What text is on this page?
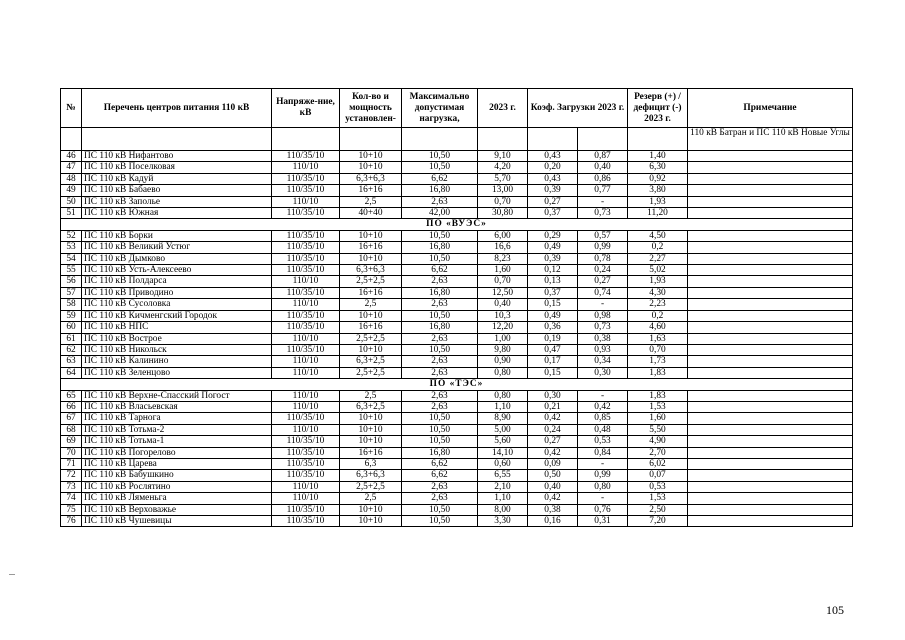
№	Перечень центров питания 110 кВ	Напряже-ние, кВ	Кол-во и мощность установлен-	Максимально допустимая нагрузка,	2023 г.	Коэф. Загрузки 2023 г.		Резерв (+) / дефицит (-) 2023 г.	Примечание
									110 кВ Батран и ПС 110 кВ Новые Углы
46	ПС 110 кВ Нифантово	110/35/10	10+10	10,50	9,10	0,43	0,87	1,40	
47	ПС 110 кВ Поселковая	110/10	10+10	10,50	4,20	0,20	0,40	6,30	
48	ПС 110 кВ Кадуй	110/35/10	6,3+6,3	6,62	5,70	0,43	0,86	0,92	
49	ПС 110 кВ Бабаево	110/35/10	16+16	16,80	13,00	0,39	0,77	3,80	
50	ПС 110 кВ Заполье	110/10	2,5	2,63	0,70	0,27	-	1,93	
51	ПС 110 кВ Южная	110/35/10	40+40	42,00	30,80	0,37	0,73	11,20	
ПО «ВУЭС»									
52	ПС 110 кВ Борки	110/35/10	10+10	10,50	6,00	0,29	0,57	4,50	
53	ПС 110 кВ Великий Устюг	110/35/10	16+16	16,80	16,6	0,49	0,99	0,2	
54	ПС 110 кВ Дымково	110/35/10	10+10	10,50	8,23	0,39	0,78	2,27	
55	ПС 110 кВ Усть-Алексеево	110/35/10	6,3+6,3	6,62	1,60	0,12	0,24	5,02	
56	ПС 110 кВ Полдарса	110/10	2,5+2,5	2,63	0,70	0,13	0,27	1,93	
57	ПС 110 кВ Приводино	110/35/10	16+16	16,80	12,50	0,37	0,74	4,30	
58	ПС 110 кВ Сусоловка	110/10	2,5	2,63	0,40	0,15	-	2,23	
59	ПС 110 кВ Кичменгский Городок	110/35/10	10+10	10,50	10,3	0,49	0,98	0,2	
60	ПС 110 кВ НПС	110/35/10	16+16	16,80	12,20	0,36	0,73	4,60	
61	ПС 110 кВ Вострое	110/10	2,5+2,5	2,63	1,00	0,19	0,38	1,63	
62	ПС 110 кВ Никольск	110/35/10	10+10	10,50	9,80	0,47	0,93	0,70	
63	ПС 110 кВ Калинино	110/10	6,3+2,5	2,63	0,90	0,17	0,34	1,73	
64	ПС 110 кВ Зеленцово	110/10	2,5+2,5	2,63	0,80	0,15	0,30	1,83	
ПО «ТЭС»									
65	ПС 110 кВ Верхне-Спасский Погост	110/10	2,5	2,63	0,80	0,30	-	1,83	
66	ПС 110 кВ Власьевская	110/10	6,3+2,5	2,63	1,10	0,21	0,42	1,53	
67	ПС 110 кВ Тарнога	110/35/10	10+10	10,50	8,90	0,42	0,85	1,60	
68	ПС 110 кВ Тотьма-2	110/10	10+10	10,50	5,00	0,24	0,48	5,50	
69	ПС 110 кВ Тотьма-1	110/35/10	10+10	10,50	5,60	0,27	0,53	4,90	
70	ПС 110 кВ Погорелово	110/35/10	16+16	16,80	14,10	0,42	0,84	2,70	
71	ПС 110 кВ Царева	110/35/10	6,3	6,62	0,60	0,09	-	6,02	
72	ПС 110 кВ Бабушкино	110/35/10	6,3+6,3	6,62	6,55	0,50	0,99	0,07	
73	ПС 110 кВ Рослятино	110/10	2,5+2,5	2,63	2,10	0,40	0,80	0,53	
74	ПС 110 кВ Ляменьга	110/10	2,5	2,63	1,10	0,42	-	1,53	
75	ПС 110 кВ Верховажье	110/35/10	10+10	10,50	8,00	0,38	0,76	2,50	
76	ПС 110 кВ Чушевицы	110/35/10	10+10	10,50	3,30	0,16	0,31	7,20	
105
